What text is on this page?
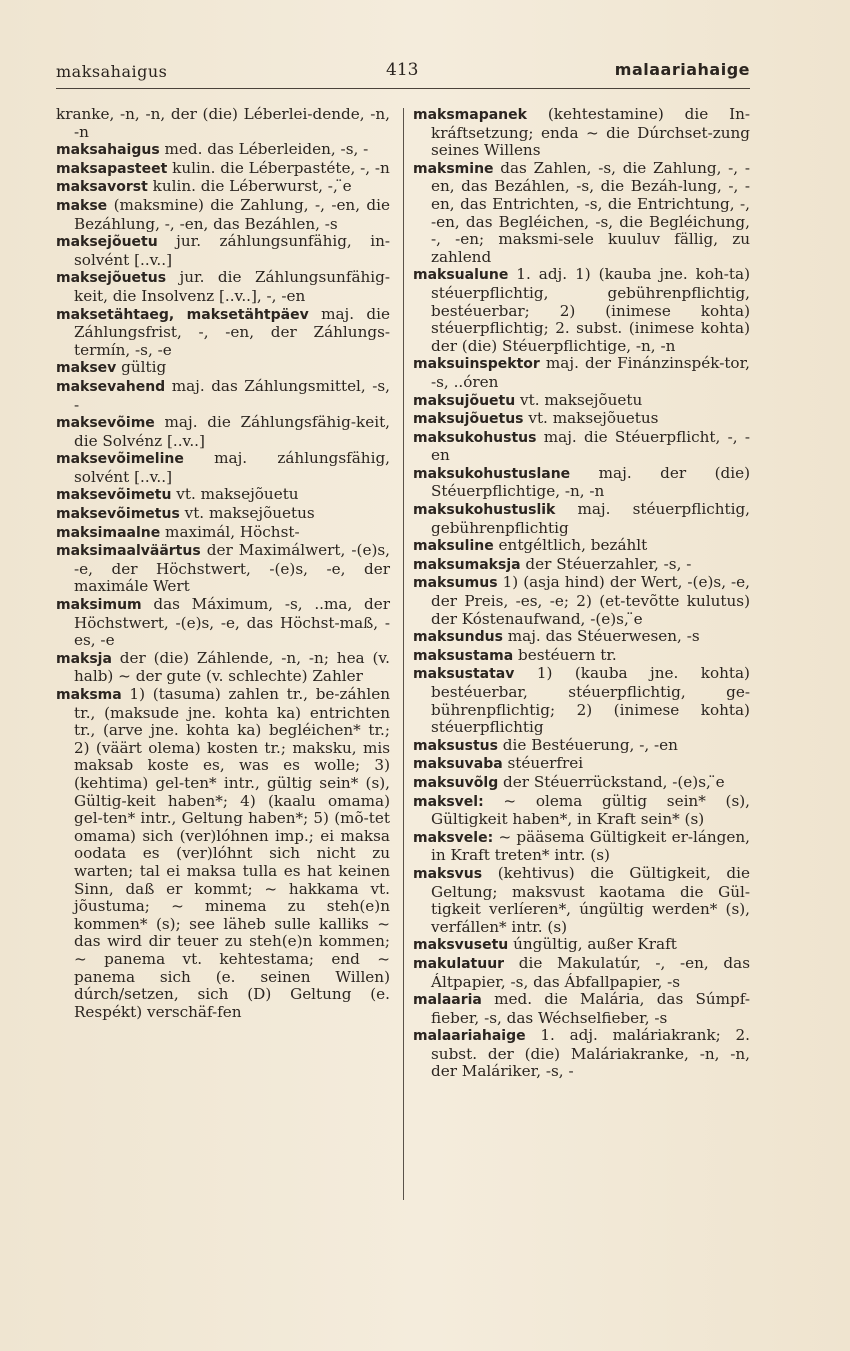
maksahaigus	413	malaariahaige
kranke, -n, -n, der (die) Léberlei-dende, -n, -n
maksahaigus med. das Léberleiden, -s, -
maksapasteet kulin. die Léberpastéte, -, -n
maksavorst kulin. die Léberwurst, -, ̈e
makse (maksmine) die Zahlung, -, -en, die Bezáhlung, -, -en, das Bezáhlen, -s
maksejõuetu jur. záhlungsunfähig, in-solvént [..v..]
maksejõuetus jur. die Záhlungsunfähig-keit, die Insolvenz [..v..], -, -en
maksetähtaeg, maksetähtpäev maj. die Záhlungsfrist, -, -en, der Záhlungs-termín, -s, -e
maksev gültig
maksevahend maj. das Záhlungsmittel, -s, -
maksevõime maj. die Záhlungsfähig-keit, die Solvénz [..v..]
maksevõimeline maj. záhlungsfähig, solvént [..v..]
maksevõimetu vt. maksejõuetu
maksevõimetus vt. maksejõuetus
maksimaalne maximál, Höchst-
maksimaalväärtus der Maximálwert, -(e)s, -e, der Höchstwert, -(e)s, -e, der maximále Wert
maksimum das Máximum, -s, ..ma, der Höchstwert, -(e)s, -e, das Höchst-maß, -es, -e
maksja der (die) Záhlende, -n, -n; hea (v. halb) ~ der gute (v. schlechte) Zahler
maksma 1) (tasuma) zahlen tr., be-záhlen tr., (maksude jne. kohta ka) entrichten tr., (arve jne. kohta ka) begléichen* tr.; 2) (väärt olema) kosten tr.; maksku, mis maksab koste es, was es wolle; 3) (kehtima) gel-ten* intr., gültig sein* (s), Gültig-keit haben*; 4) (kaalu omama) gel-ten* intr., Geltung haben*; 5) (mõ-tet omama) sich (ver)lóhnen imp.; ei maksa oodata es (ver)lóhnt sich nicht zu warten; tal ei maksa tulla es hat keinen Sinn, daß er kommt; ~ hakkama vt. jõustuma; ~ minema zu steh(e)n kommen* (s); see läheb sulle kalliks ~ das wird dir teuer zu steh(e)n kommen; ~ panema vt. kehtestama; end ~ panema sich (e. seinen Willen) dúrch/setzen, sich (D) Geltung (e. Respékt) verschäf-fen
maksmapanek (kehtestamine) die In-kráftsetzung; enda ~ die Dúrchset-zung seines Willens
maksmine das Zahlen, -s, die Zahlung, -, -en, das Bezáhlen, -s, die Bezáh-lung, -, -en, das Entrichten, -s, die Entrichtung, -, -en, das Begléichen, -s, die Begléichung, -, -en; maksmi-sele kuuluv fällig, zu zahlend
maksualune 1. adj. 1) (kauba jne. koh-ta) stéuerpflichtig, gebührenpflichtig, bestéuerbar; 2) (inimese kohta) stéuerpflichtig; 2. subst. (inimese kohta) der (die) Stéuerpflichtige, -n, -n
maksuinspektor maj. der Finánzinspék-tor, -s, ..óren
maksujõuetu vt. maksejõuetu
maksujõuetus vt. maksejõuetus
maksukohustus maj. die Stéuerpflicht, -, -en
maksukohustuslane maj. der (die) Stéuerpflichtige, -n, -n
maksukohustuslik maj. stéuerpflichtig, gebührenpflichtig
maksuline entgéltlich, bezáhlt
maksumaksja der Stéuerzahler, -s, -
maksumus 1) (asja hind) der Wert, -(e)s, -e, der Preis, -es, -e; 2) (et-tevõtte kulutus) der Kóstenaufwand, -(e)s, ̈e
maksundus maj. das Stéuerwesen, -s
maksustama bestéuern tr.
maksustatav 1) (kauba jne. kohta) bestéuerbar, stéuerpflichtig, ge-bührenpflichtig; 2) (inimese kohta) stéuerpflichtig
maksustus die Bestéuerung, -, -en
maksuvaba stéuerfrei
maksuvõlg der Stéuerrückstand, -(e)s, ̈e
maksvel: ~ olema gültig sein* (s), Gültigkeit haben*, in Kraft sein* (s)
maksvele: ~ pääsema Gültigkeit er-lángen, in Kraft treten* intr. (s)
maksvus (kehtivus) die Gültigkeit, die Geltung; maksvust kaotama die Gül-tigkeit verlíeren*, úngültig werden* (s), verfállen* intr. (s)
maksvusetu úngültig, außer Kraft
makulatuur die Makulatúr, -, -en, das Áltpapier, -s, das Ábfallpapier, -s
malaaria med. die Malária, das Súmpf-fieber, -s, das Wéchselfieber, -s
malaariahaige 1. adj. maláriakrank; 2. subst. der (die) Maláriakranke, -n, -n, der Maláriker, -s, -
